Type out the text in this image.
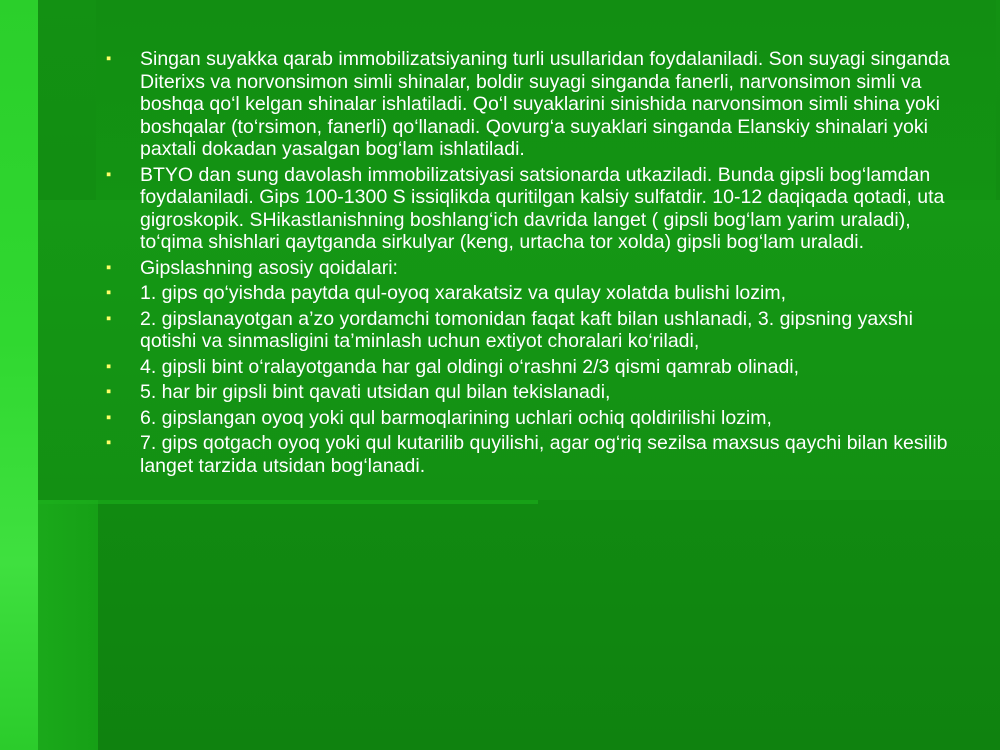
▪ Singan suyakka qarab immobilizatsiyaning turli usullaridan foydalaniladi. Son suyagi singanda Diterixs va norvonsimon simli shinalar, boldir suyagi singanda fanerli, narvonsimon simli va boshqa qo‘l kelgan shinalar ishlatiladi. Qo‘l suyaklarini sinishida narvonsimon simli shina yoki boshqalar (to‘rsimon, fanerli) qo‘llanadi. Qovurg‘a suyaklari singanda Elanskiy shinalari yoki paxtali dokadan yasalgan bog‘lam ishlatiladi.
▪ BTYO dan sung davolash immobilizatsiyasi satsionarda utkaziladi. Bunda gipsli bog‘lamdan foydalaniladi. Gips 100-1300 S issiqlikda quritilgan kalsiy sulfatdir. 10-12 daqiqada qotadi, uta gigroskopik. SHikastlanishning boshlang‘ich davrida langet ( gipsli bog‘lam yarim uraladi), to‘qima shishlari qaytganda sirkulyar (keng, urtacha tor xolda) gipsli bog‘lam uraladi.
▪ Gipslashning asosiy qoidalari:
▪ 1. gips qo‘yishda paytda qul-oyoq xarakatsiz va qulay xolatda bulishi lozim,
▪ 2. gipslanayotgan a’zo yordamchi tomonidan faqat kaft bilan ushlanadi, 3. gipsning yaxshi qotishi va sinmasligini ta’minlash uchun extiyot choralari ko‘riladi,
▪ 4. gipsli bint o‘ralayotganda har gal oldingi o‘rashni 2/3 qismi qamrab olinadi,
▪ 5. har bir gipsli bint qavati utsidan qul bilan tekislanadi,
▪ 6. gipslangan oyoq yoki qul barmoqlarining uchlari ochiq qoldirilishi lozim,
▪ 7. gips qotgach oyoq yoki qul kutarilib quyilishi, agar og‘riq sezilsa maxsus qaychi bilan kesilib langet tarzida utsidan bog‘lanadi.
